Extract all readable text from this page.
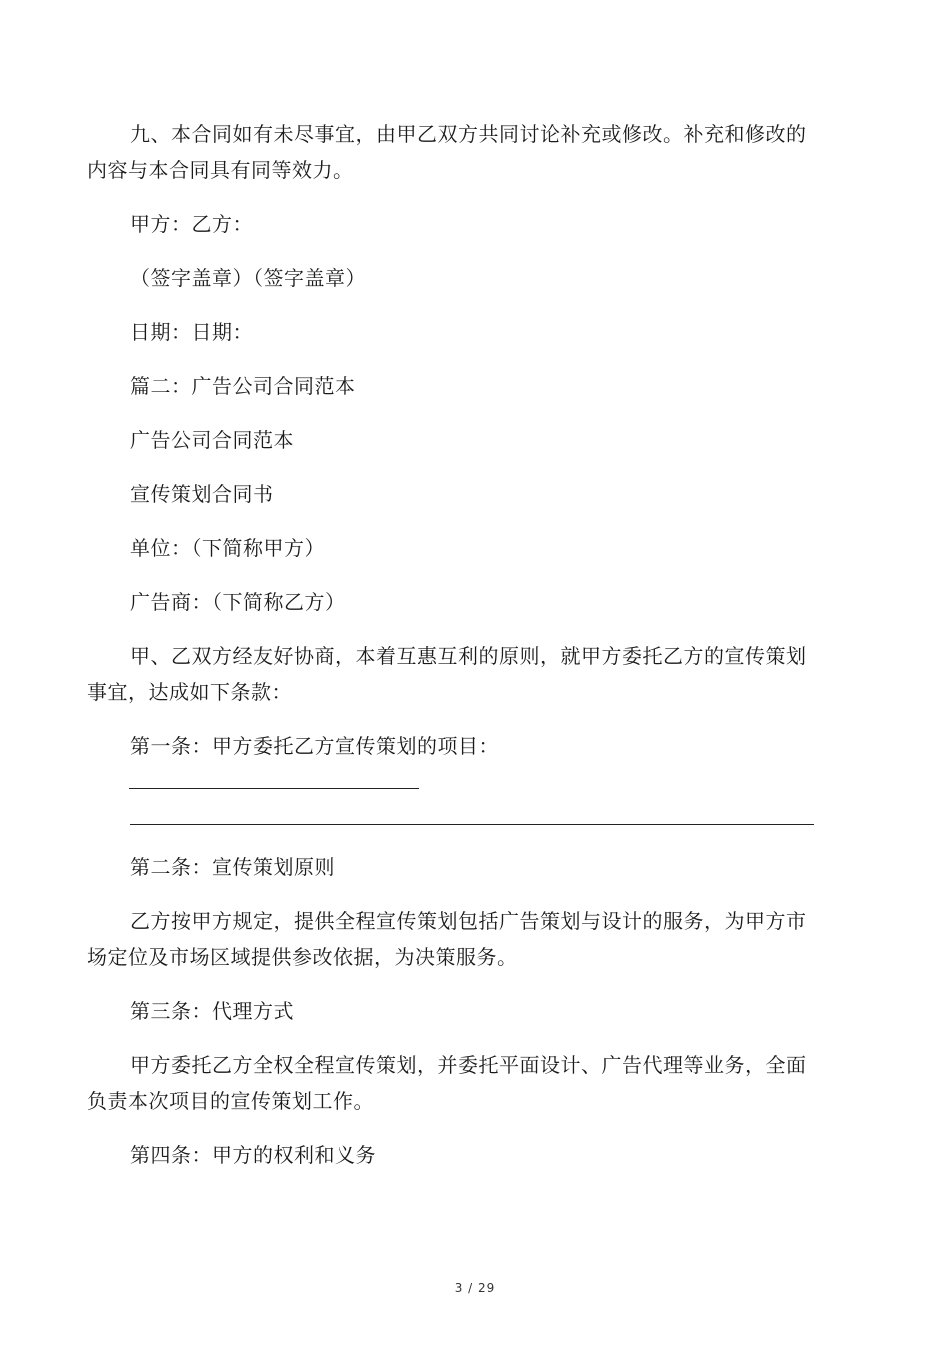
九、本合同如有未尽事宜，由甲乙双方共同讨论补充或修改。补充和修改的内容与本合同具有同等效力。

甲方：乙方：

（签字盖章）（签字盖章）

日期：日期：

篇二：广告公司合同范本

广告公司合同范本

宣传策划合同书

单位：（下简称甲方）

广告商：（下简称乙方）

甲、乙双方经友好协商，本着互惠互利的原则，就甲方委托乙方的宣传策划事宜，达成如下条款：

第一条：甲方委托乙方宣传策划的项目：

第二条：宣传策划原则

乙方按甲方规定，提供全程宣传策划包括广告策划与设计的服务，为甲方市场定位及市场区域提供参改依据，为决策服务。

第三条：代理方式

甲方委托乙方全权全程宣传策划，并委托平面设计、广告代理等业务，全面负责本次项目的宣传策划工作。

第四条：甲方的权利和义务

3 / 29
